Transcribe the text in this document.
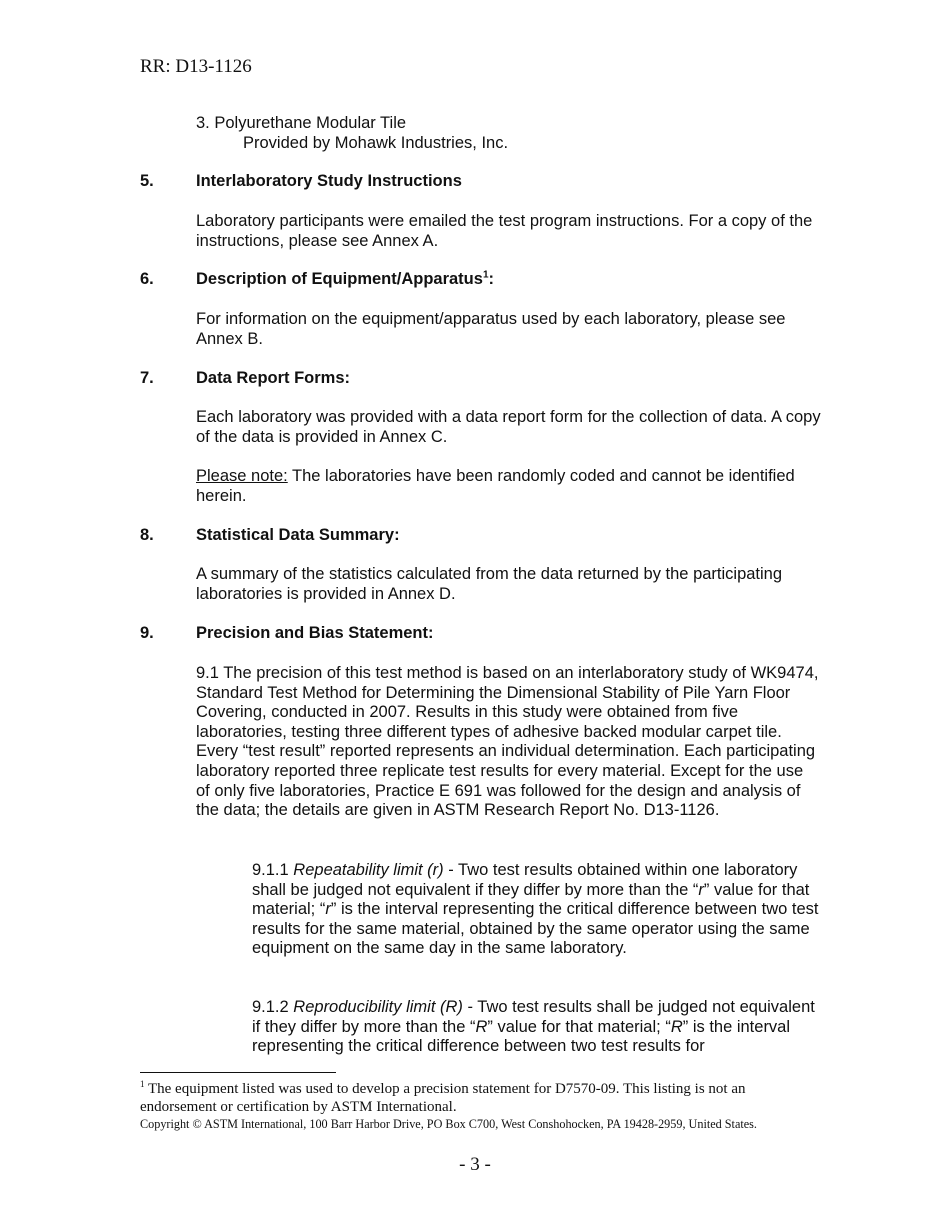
RR: D13-1126
3. Polyurethane Modular Tile
Provided by Mohawk Industries, Inc.
5.	Interlaboratory Study Instructions
Laboratory participants were emailed the test program instructions. For a copy of the instructions, please see Annex A.
6.	Description of Equipment/Apparatus$^1$:
For information on the equipment/apparatus used by each laboratory, please see Annex B.
7.	Data Report Forms:
Each laboratory was provided with a data report form for the collection of data. A copy of the data is provided in Annex C.
Please note: The laboratories have been randomly coded and cannot be identified herein.
8.	Statistical Data Summary:
A summary of the statistics calculated from the data returned by the participating laboratories is provided in Annex D.
9.	Precision and Bias Statement:
9.1 The precision of this test method is based on an interlaboratory study of WK9474, Standard Test Method for Determining the Dimensional Stability of Pile Yarn Floor Covering, conducted in 2007. Results in this study were obtained from five laboratories, testing three different types of adhesive backed modular carpet tile. Every “test result” reported represents an individual determination. Each participating laboratory reported three replicate test results for every material. Except for the use of only five laboratories, Practice E 691 was followed for the design and analysis of the data; the details are given in ASTM Research Report No. D13-1126.
9.1.1 Repeatability limit (r) - Two test results obtained within one laboratory shall be judged not equivalent if they differ by more than the “r” value for that material; “r” is the interval representing the critical difference between two test results for the same material, obtained by the same operator using the same equipment on the same day in the same laboratory.
9.1.2 Reproducibility limit (R) - Two test results shall be judged not equivalent if they differ by more than the “R” value for that material; “R” is the interval representing the critical difference between two test results for
$^1$ The equipment listed was used to develop a precision statement for D7570-09. This listing is not an endorsement or certification by ASTM International.
Copyright © ASTM International, 100 Barr Harbor Drive, PO Box C700, West Conshohocken, PA 19428-2959, United States.
- 3 -
